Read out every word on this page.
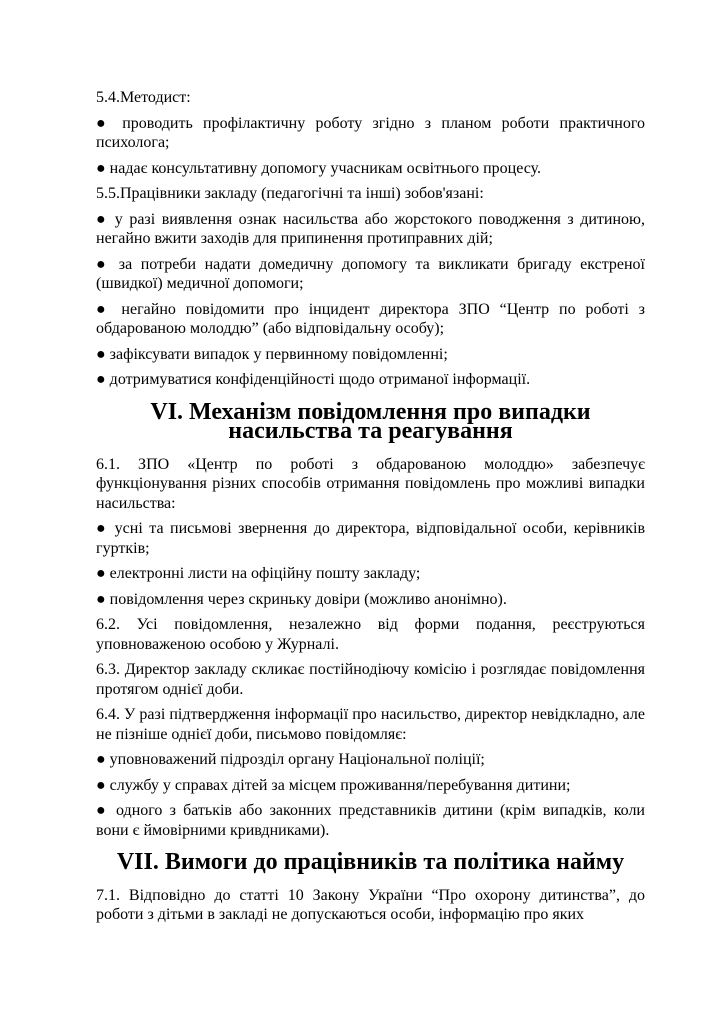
5.4.Методист:

● проводить профілактичну роботу згідно з планом роботи практичного психолога;

● надає консультативну допомогу учасникам освітнього процесу.

5.5.Працівники закладу (педагогічні та інші) зобов'язані:

● у разі виявлення ознак насильства або жорстокого поводження з дитиною, негайно вжити заходів для припинення протиправних дій;

● за потреби надати домедичну допомогу та викликати бригаду екстреної (швидкої) медичної допомоги;

● негайно повідомити про інцидент директора ЗПО “Центр по роботі з обдарованою молоддю” (або відповідальну особу);

● зафіксувати випадок у первинному повідомленні;

● дотримуватися конфіденційності щодо отриманої інформації.

VI. Механізм повідомлення про випадки насильства та реагування

6.1. ЗПО «Центр по роботі з обдарованою молоддю» забезпечує функціонування різних способів отримання повідомлень про можливі випадки насильства:

● усні та письмові звернення до директора, відповідальної особи, керівників гуртків;

● електронні листи на офіційну пошту закладу;

● повідомлення через скриньку довіри (можливо анонімно).

6.2. Усі повідомлення, незалежно від форми подання, реєструються уповноваженою особою у Журналі.

6.3. Директор закладу скликає постійнодіючу комісію і розглядає повідомлення протягом однієї доби.

6.4. У разі підтвердження інформації про насильство, директор невідкладно, але не пізніше однієї доби, письмово повідомляє:

● уповноважений підрозділ органу Національної поліції;

● службу у справах дітей за місцем проживання/перебування дитини;

● одного з батьків або законних представників дитини (крім випадків, коли вони є ймовірними кривдниками).

VII. Вимоги до працівників та політика найму

7.1. Відповідно до статті 10 Закону України “Про охорону дитинства”, до роботи з дітьми в закладі не допускаються особи, інформацію про яких
